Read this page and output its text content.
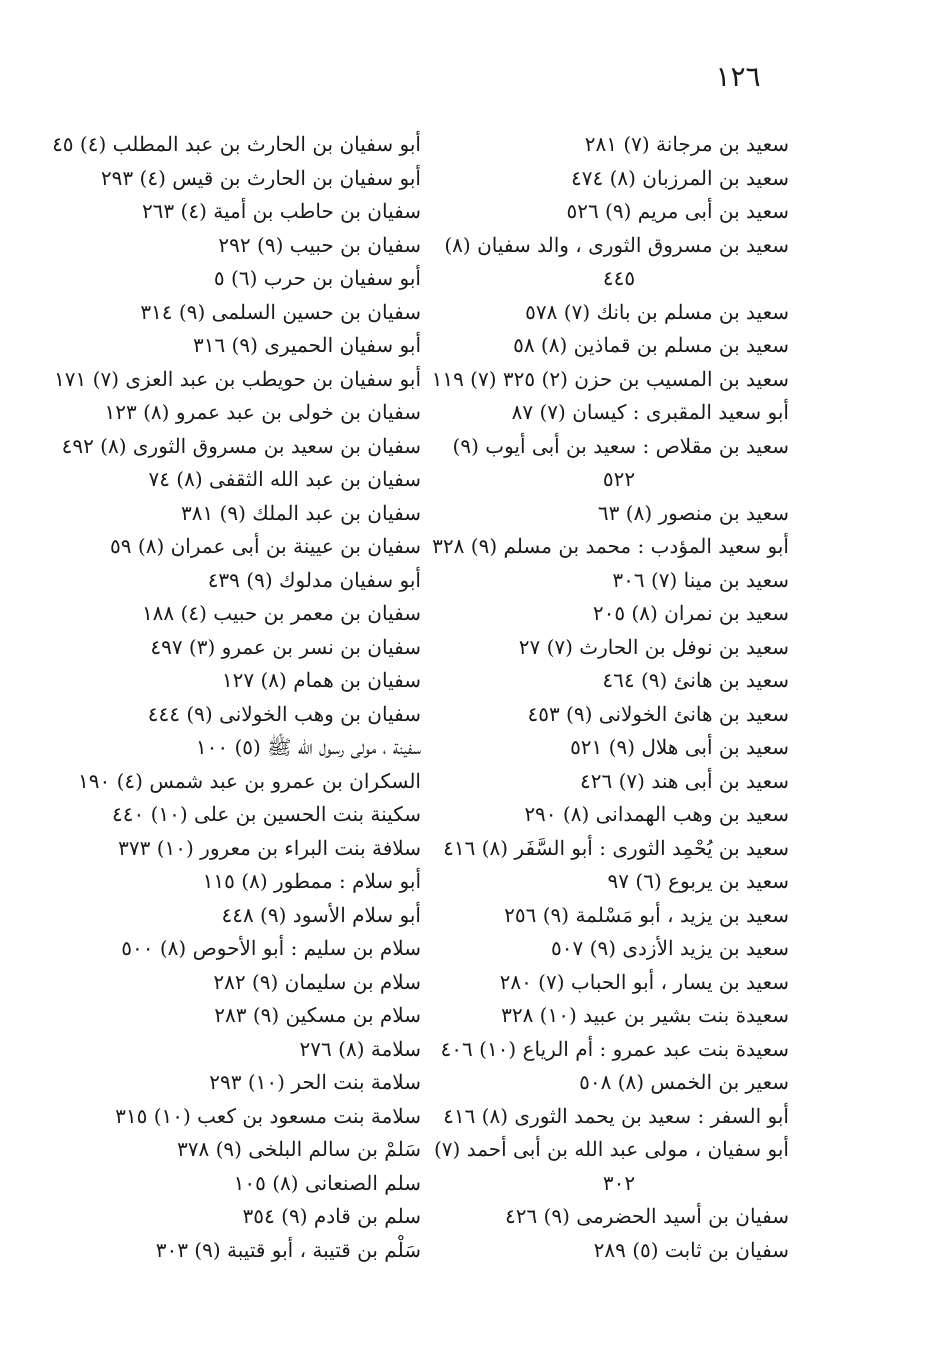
١٢٦
سعيد بن مرجانة (٧) ٢٨١
سعيد بن المرزبان (٨) ٤٧٤
سعيد بن أبى مريم (٩) ٥٢٦
سعيد بن مسروق الثورى ، والد سفيان (٨)
٤٤٥
سعيد بن مسلم بن بانك (٧) ٥٧٨
سعيد بن مسلم بن قماذين (٨) ٥٨
سعيد بن المسيب بن حزن (٢) ٣٢٥ (٧) ١١٩
أبو سعيد المقبرى : كيسان (٧) ٨٧
سعيد بن مقلاص : سعيد بن أبى أيوب (٩)
٥٢٢
سعيد بن منصور (٨) ٦٣
أبو سعيد المؤدب : محمد بن مسلم (٩) ٣٢٨
سعيد بن مينا (٧) ٣٠٦
سعيد بن نمران (٨) ٢٠٥
سعيد بن نوفل بن الحارث (٧) ٢٧
سعيد بن هانئ (٩) ٤٦٤
سعيد بن هانئ الخولانى (٩) ٤٥٣
سعيد بن أبى هلال (٩) ٥٢١
سعيد بن أبى هند (٧) ٤٢٦
سعيد بن وهب الهمدانى (٨) ٢٩٠
سعيد بن يُحْمِد الثورى : أبو السَّفَر (٨) ٤١٦
سعيد بن يربوع (٦) ٩٧
سعيد بن يزيد ، أبو مَسْلمة (٩) ٢٥٦
سعيد بن يزيد الأزدى (٩) ٥٠٧
سعيد بن يسار ، أبو الحباب (٧) ٢٨٠
سعيدة بنت بشير بن عبيد (١٠) ٣٢٨
سعيدة بنت عبد عمرو : أم الرياع (١٠) ٤٠٦
سعير بن الخمس (٨) ٥٠٨
أبو السفر : سعيد بن يحمد الثورى (٨) ٤١٦
أبو سفيان ، مولى عبد الله بن أبى أحمد (٧)
٣٠٢
سفيان بن أسيد الحضرمى (٩) ٤٢٦
سفيان بن ثابت (٥) ٢٨٩
أبو سفيان بن الحارث بن عبد المطلب (٤) ٤٥
أبو سفيان بن الحارث بن قيس (٤) ٢٩٣
سفيان بن حاطب بن أمية (٤) ٢٦٣
سفيان بن حبيب (٩) ٢٩٢
أبو سفيان بن حرب (٦) ٥
سفيان بن حسين السلمى (٩) ٣١٤
أبو سفيان الحميرى (٩) ٣١٦
أبو سفيان بن حويطب بن عبد العزى (٧) ١٧١
سفيان بن خولى بن عبد عمرو (٨) ١٢٣
سفيان بن سعيد بن مسروق الثورى (٨) ٤٩٢
سفيان بن عبد الله الثقفى (٨) ٧٤
سفيان بن عبد الملك (٩) ٣٨١
سفيان بن عيينة بن أبى عمران (٨) ٥٩
أبو سفيان مدلوك (٩) ٤٣٩
سفيان بن معمر بن حبيب (٤) ١٨٨
سفيان بن نسر بن عمرو (٣) ٤٩٧
سفيان بن همام (٨) ١٢٧
سفيان بن وهب الخولانى (٩) ٤٤٤
سفينة ، مولى رسول الله ﷺ (٥) ١٠٠
السكران بن عمرو بن عبد شمس (٤) ١٩٠
سكينة بنت الحسين بن على (١٠) ٤٤٠
سلافة بنت البراء بن معرور (١٠) ٣٧٣
أبو سلام : ممطور (٨) ١١٥
أبو سلام الأسود (٩) ٤٤٨
سلام بن سليم : أبو الأحوص (٨) ٥٠٠
سلام بن سليمان (٩) ٢٨٢
سلام بن مسكين (٩) ٢٨٣
سلامة (٨) ٢٧٦
سلامة بنت الحر (١٠) ٢٩٣
سلامة بنت مسعود بن كعب (١٠) ٣١٥
سَلمْ بن سالم البلخى (٩) ٣٧٨
سلم الصنعانى (٨) ١٠٥
سلم بن قادم (٩) ٣٥٤
سَلْم بن قتيبة ، أبو قتيبة (٩) ٣٠٣
